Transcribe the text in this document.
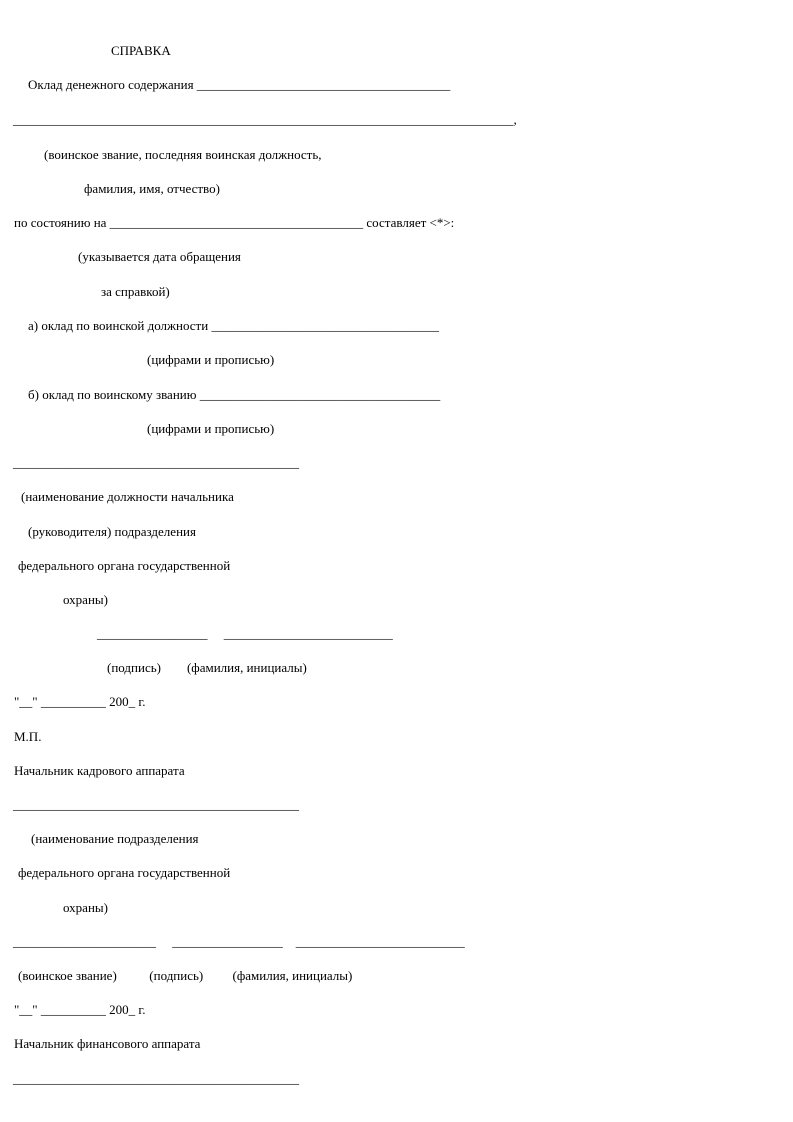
СПРАВКА
Оклад денежного содержания _______________________________________
_____________________________________________________________________________,
(воинское звание, последняя воинская должность,
фамилия, имя, отчество)
по состоянию на _______________________________________ составляет <*>:
(указывается дата обращения
за справкой)
а) оклад по воинской должности ___________________________________
(цифрами и прописью)
б) оклад по воинскому званию _____________________________________
(цифрами и прописью)
____________________________________________
(наименование должности начальника
(руководителя) подразделения
федерального органа государственной
охраны)
_________________     __________________________
(подпись)        (фамилия, инициалы)
"__" __________ 200_ г.
М.П.
Начальник кадрового аппарата
____________________________________________
(наименование подразделения
федерального органа государственной
охраны)
______________________     _________________    __________________________
(воинское звание)          (подпись)         (фамилия, инициалы)
"__" __________ 200_ г.
Начальник финансового аппарата
____________________________________________
